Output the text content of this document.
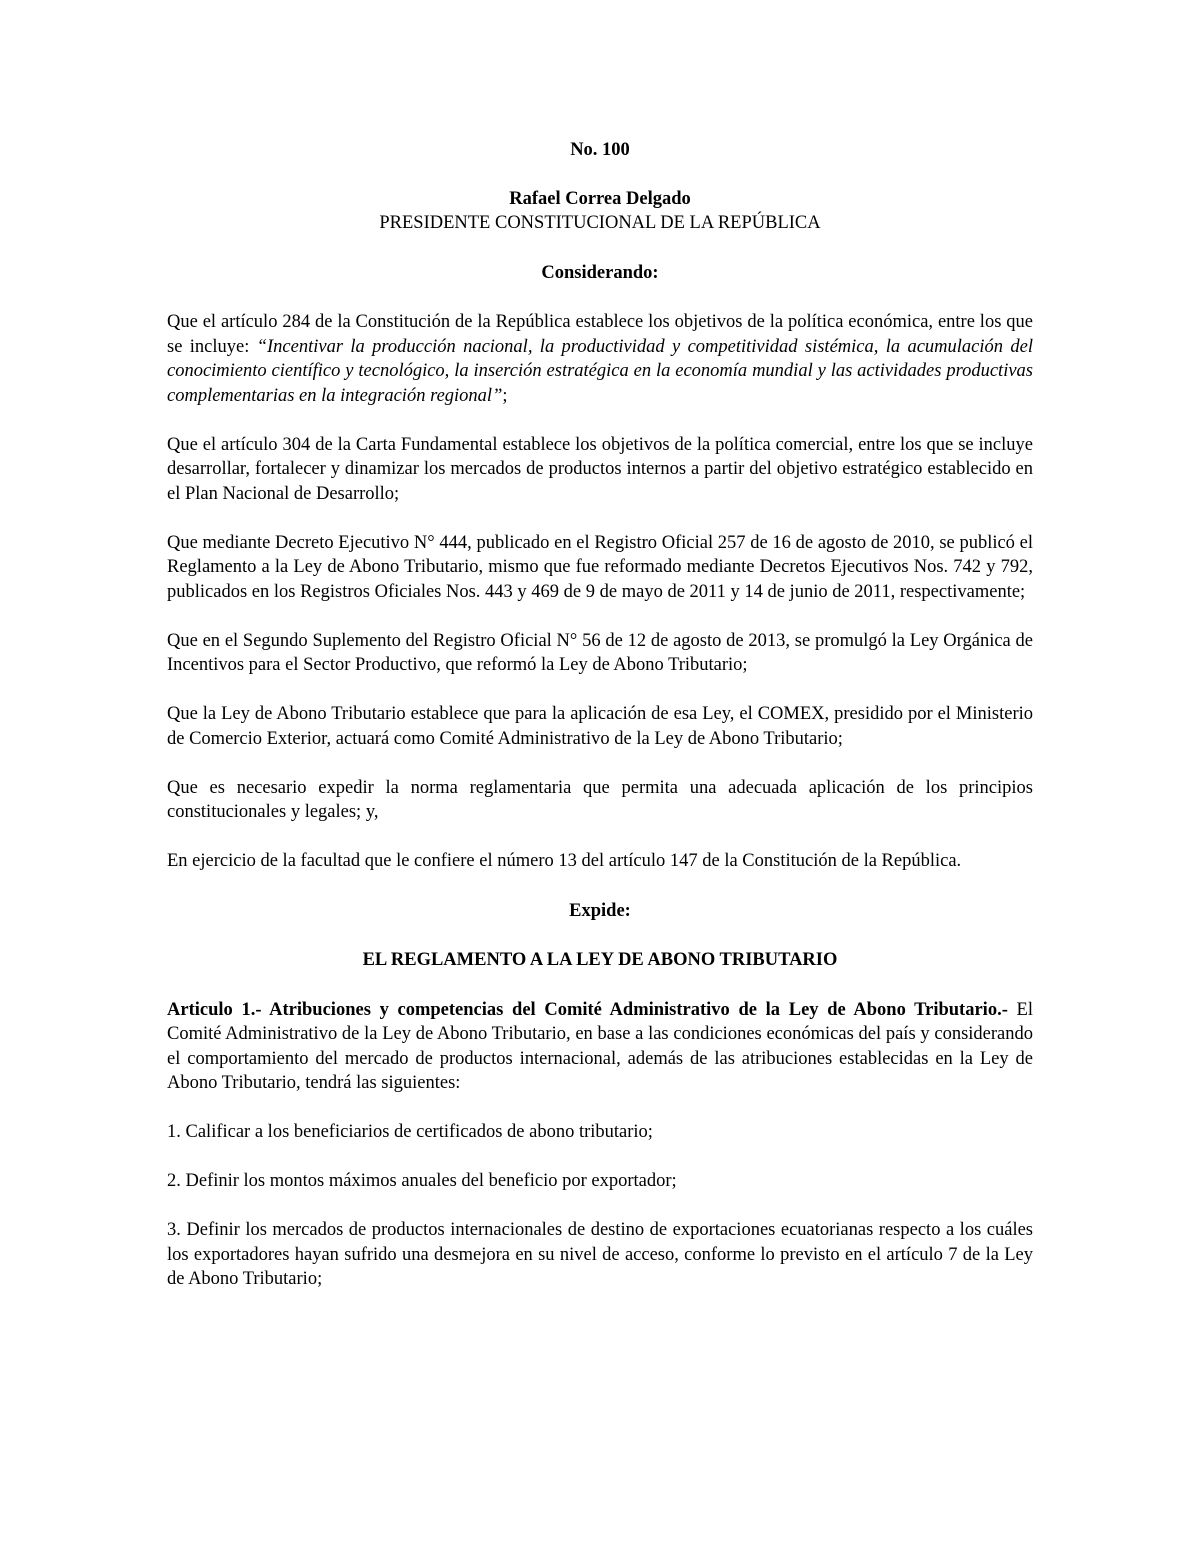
No. 100

Rafael Correa Delgado

PRESIDENTE CONSTITUCIONAL DE LA REPÚBLICA

Considerando:

Que el artículo 284 de la Constitución de la República establece los objetivos de la política económica, entre los que se incluye: “Incentivar la producción nacional, la productividad y competitividad sistémica, la acumulación del conocimiento científico y tecnológico, la inserción estratégica en la economía mundial y las actividades productivas complementarias en la integración regional”;

Que el artículo 304 de la Carta Fundamental establece los objetivos de la política comercial, entre los que se incluye desarrollar, fortalecer y dinamizar los mercados de productos internos a partir del objetivo estratégico establecido en el Plan Nacional de Desarrollo;

Que mediante Decreto Ejecutivo N° 444, publicado en el Registro Oficial 257 de 16 de agosto de 2010, se publicó el Reglamento a la Ley de Abono Tributario, mismo que fue reformado mediante Decretos Ejecutivos Nos. 742 y 792, publicados en los Registros Oficiales Nos. 443 y 469 de 9 de mayo de 2011 y 14 de junio de 2011, respectivamente;

Que en el Segundo Suplemento del Registro Oficial N° 56 de 12 de agosto de 2013, se promulgó la Ley Orgánica de Incentivos para el Sector Productivo, que reformó la Ley de Abono Tributario;

Que la Ley de Abono Tributario establece que para la aplicación de esa Ley, el COMEX, presidido por el Ministerio de Comercio Exterior, actuará como Comité Administrativo de la Ley de Abono Tributario;

Que es necesario expedir la norma reglamentaria que permita una adecuada aplicación de los principios constitucionales y legales; y,

En ejercicio de la facultad que le confiere el número 13 del artículo 147 de la Constitución de la República.

Expide:

EL REGLAMENTO A LA LEY DE ABONO TRIBUTARIO

Articulo 1.- Atribuciones y competencias del Comité Administrativo de la Ley de Abono Tributario.- El Comité Administrativo de la Ley de Abono Tributario, en base a las condiciones económicas del país y considerando el comportamiento del mercado de productos internacional, además de las atribuciones establecidas en la Ley de Abono Tributario, tendrá las siguientes:

1. Calificar a los beneficiarios de certificados de abono tributario;

2. Definir los montos máximos anuales del beneficio por exportador;

3. Definir los mercados de productos internacionales de destino de exportaciones ecuatorianas respecto a los cuáles los exportadores hayan sufrido una desmejora en su nivel de acceso, conforme lo previsto en el artículo 7 de la Ley de Abono Tributario;
